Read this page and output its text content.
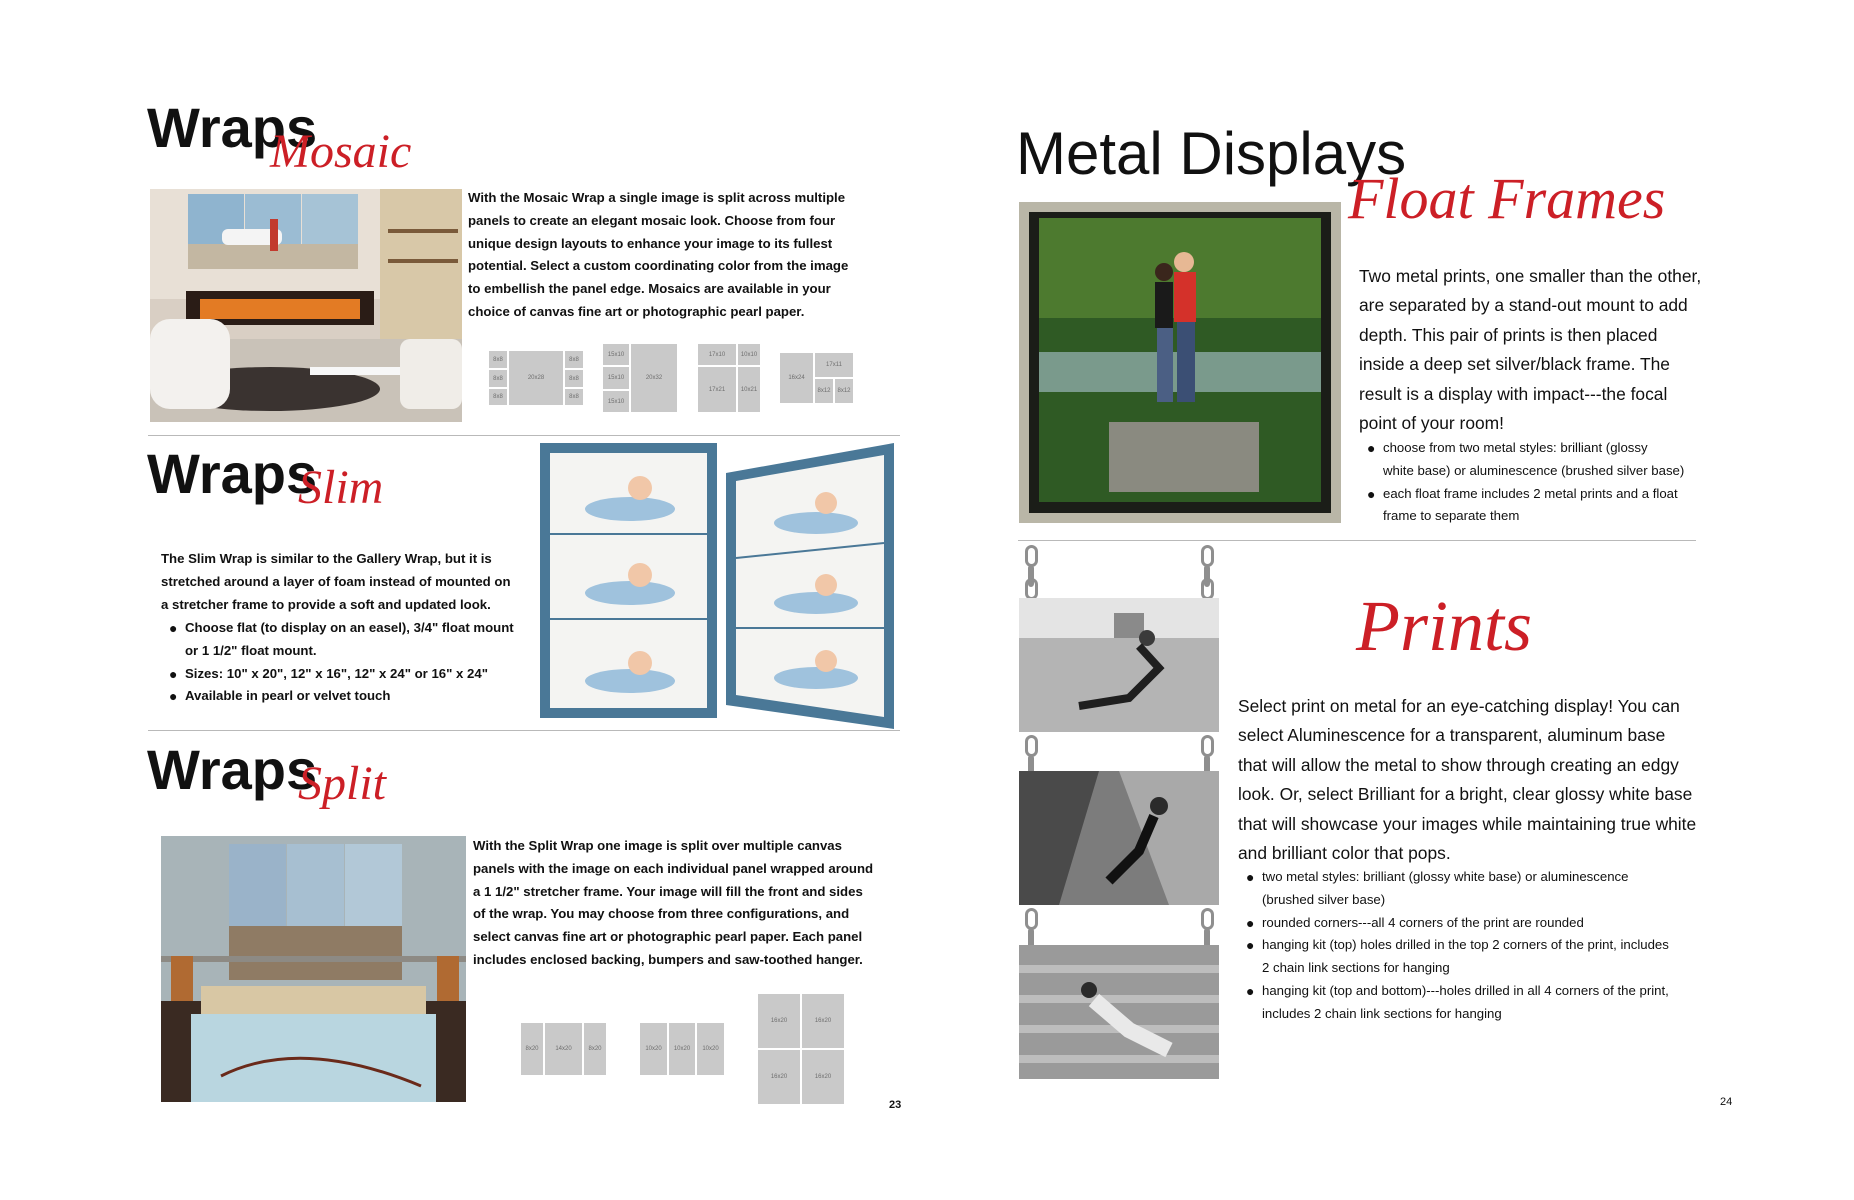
Wraps
Mosaic
With the Mosaic Wrap a single image is split across multiple
panels to create an elegant mosaic look. Choose from four
unique design layouts to enhance your image to its fullest
potential. Select a custom coordinating color from the image
to embellish the panel edge. Mosaics are available in your
choice of canvas fine art or photographic pearl paper.
8x8
8x8
8x8
20x28
8x8
8x8
8x8
15x10
15x10
15x10
20x32
17x10	10x10
17x21	10x21
16x24
17x11
8x12	8x12
Wraps
Slim
The Slim Wrap is similar to the Gallery Wrap, but it is
stretched around a layer of foam instead of mounted on
a stretcher frame to provide a soft and updated look.
● Choose flat (to display on an easel), 3/4" float mount
or 1 1/2" float mount.
● Sizes: 10" x 20", 12" x 16", 12" x 24" or 16" x 24"
● Available in pearl or velvet touch
Wraps
Split
With the Split Wrap one image is split over multiple canvas
panels with the image on each individual panel wrapped around
a 1 1/2" stretcher frame. Your image will fill the front and sides
of the wrap. You may choose from three configurations, and
select canvas fine art or photographic pearl paper. Each panel
includes enclosed backing, bumpers and saw-toothed hanger.
8x20	14x20	8x20	10x20	10x20	10x20
16x20	16x20
16x20	16x20
23
Metal Displays
Float Frames
Two metal prints, one smaller than the other,
are separated by a stand-out mount to add
depth. This pair of prints is then placed
inside a deep set silver/black frame. The
result is a display with impact---the focal
point of your room!
● choose from two metal styles: brilliant (glossy
white base) or aluminescence (brushed silver base)
● each float frame includes 2 metal prints and a float
frame to separate them
Prints
Select print on metal for an eye-catching display! You can
select Aluminescence for a transparent, aluminum base
that will allow the metal to show through creating an edgy
look. Or, select Brilliant for a bright, clear glossy white base
that will showcase your images while maintaining true white
and brilliant color that pops.
● two metal styles: brilliant (glossy white base) or aluminescence
(brushed silver base)
● rounded corners---all 4 corners of the print are rounded
● hanging kit (top) holes drilled in the top 2 corners of the print, includes
2 chain link sections for hanging
● hanging kit (top and bottom)---holes drilled in all 4 corners of the print,
includes 2 chain link sections for hanging
24
